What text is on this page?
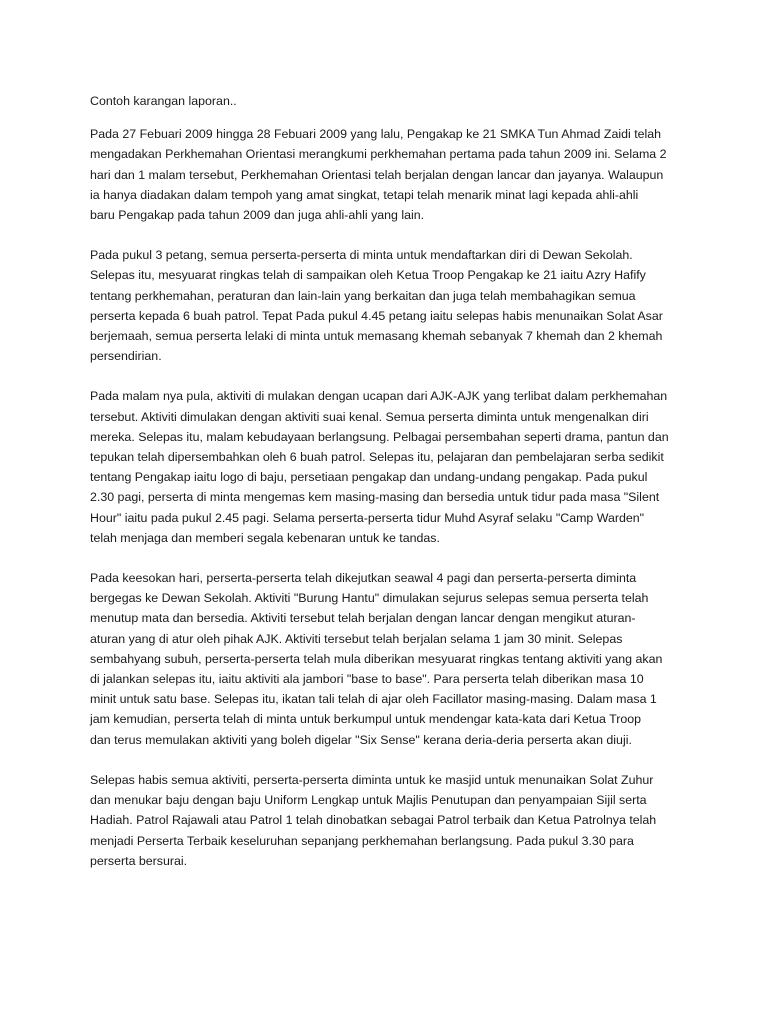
Contoh karangan laporan..
Pada 27 Febuari 2009 hingga 28 Febuari 2009 yang lalu, Pengakap ke 21 SMKA Tun Ahmad Zaidi telah
mengadakan Perkhemahan Orientasi merangkumi perkhemahan pertama pada tahun 2009 ini. Selama 2
hari dan 1 malam tersebut, Perkhemahan Orientasi telah berjalan dengan lancar dan jayanya. Walaupun
ia hanya diadakan dalam tempoh yang amat singkat, tetapi telah menarik minat lagi kepada ahli-ahli
baru Pengakap pada tahun 2009 dan juga ahli-ahli yang lain.
Pada pukul 3 petang, semua perserta-perserta di minta untuk mendaftarkan diri di Dewan Sekolah.
Selepas itu, mesyuarat ringkas telah di sampaikan oleh Ketua Troop Pengakap ke 21 iaitu Azry Hafify
tentang perkhemahan, peraturan dan lain-lain yang berkaitan dan juga telah membahagikan semua
perserta kepada 6 buah patrol. Tepat Pada pukul 4.45 petang iaitu selepas habis menunaikan Solat Asar
berjemaah, semua perserta lelaki di minta untuk memasang khemah sebanyak 7 khemah dan 2 khemah
persendirian.
Pada malam nya pula, aktiviti di mulakan dengan ucapan dari AJK-AJK yang terlibat dalam perkhemahan
tersebut. Aktiviti dimulakan dengan aktiviti suai kenal. Semua perserta diminta untuk mengenalkan diri
mereka. Selepas itu, malam kebudayaan berlangsung. Pelbagai persembahan seperti drama, pantun dan
tepukan telah dipersembahkan oleh 6 buah patrol. Selepas itu, pelajaran dan pembelajaran serba sedikit
tentang Pengakap iaitu logo di baju, persetiaan pengakap dan undang-undang pengakap. Pada pukul
2.30 pagi, perserta di minta mengemas kem masing-masing dan bersedia untuk tidur pada masa "Silent
Hour" iaitu pada pukul 2.45 pagi. Selama perserta-perserta tidur Muhd Asyraf selaku "Camp Warden"
telah menjaga dan memberi segala kebenaran untuk ke tandas.
Pada keesokan hari, perserta-perserta telah dikejutkan seawal 4 pagi dan perserta-perserta diminta
bergegas ke Dewan Sekolah. Aktiviti "Burung Hantu" dimulakan sejurus selepas semua perserta telah
menutup mata dan bersedia. Aktiviti tersebut telah berjalan dengan lancar dengan mengikut aturan-
aturan yang di atur oleh pihak AJK. Aktiviti tersebut telah berjalan selama 1 jam 30 minit. Selepas
sembahyang subuh, perserta-perserta telah mula diberikan mesyuarat ringkas tentang aktiviti yang akan
di jalankan selepas itu, iaitu aktiviti ala jambori "base to base". Para perserta telah diberikan masa 10
minit untuk satu base. Selepas itu, ikatan tali telah di ajar oleh Facillator masing-masing. Dalam masa 1
jam kemudian, perserta telah di minta untuk berkumpul untuk mendengar kata-kata dari Ketua Troop
dan terus memulakan aktiviti yang boleh digelar "Six Sense" kerana deria-deria perserta akan diuji.
Selepas habis semua aktiviti, perserta-perserta diminta untuk ke masjid untuk menunaikan Solat Zuhur
dan menukar baju dengan baju Uniform Lengkap untuk Majlis Penutupan dan penyampaian Sijil serta
Hadiah. Patrol Rajawali atau Patrol 1 telah dinobatkan sebagai Patrol terbaik dan Ketua Patrolnya telah
menjadi Perserta Terbaik keseluruhan sepanjang perkhemahan berlangsung. Pada pukul 3.30 para
perserta bersurai.
